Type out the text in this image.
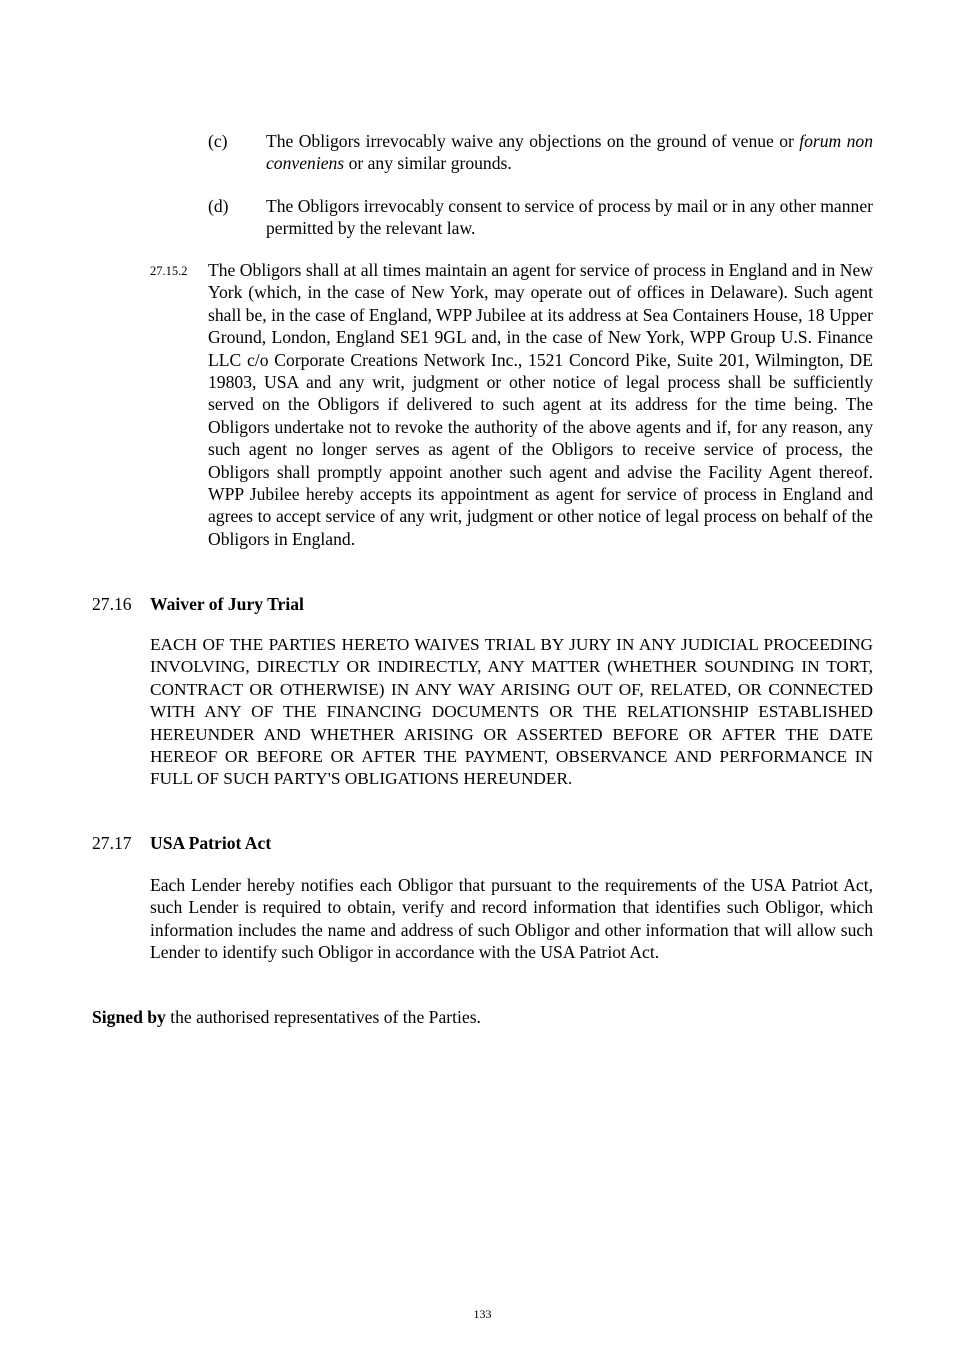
(c) The Obligors irrevocably waive any objections on the ground of venue or forum non conveniens or any similar grounds.

(d) The Obligors irrevocably consent to service of process by mail or in any other manner permitted by the relevant law.

27.15.2 The Obligors shall at all times maintain an agent for service of process in England and in New York (which, in the case of New York, may operate out of offices in Delaware). Such agent shall be, in the case of England, WPP Jubilee at its address at Sea Containers House, 18 Upper Ground, London, England SE1 9GL and, in the case of New York, WPP Group U.S. Finance LLC c/o Corporate Creations Network Inc., 1521 Concord Pike, Suite 201, Wilmington, DE 19803, USA and any writ, judgment or other notice of legal process shall be sufficiently served on the Obligors if delivered to such agent at its address for the time being. The Obligors undertake not to revoke the authority of the above agents and if, for any reason, any such agent no longer serves as agent of the Obligors to receive service of process, the Obligors shall promptly appoint another such agent and advise the Facility Agent thereof. WPP Jubilee hereby accepts its appointment as agent for service of process in England and agrees to accept service of any writ, judgment or other notice of legal process on behalf of the Obligors in England.

27.16 Waiver of Jury Trial

EACH OF THE PARTIES HERETO WAIVES TRIAL BY JURY IN ANY JUDICIAL PROCEEDING INVOLVING, DIRECTLY OR INDIRECTLY, ANY MATTER (WHETHER SOUNDING IN TORT, CONTRACT OR OTHERWISE) IN ANY WAY ARISING OUT OF, RELATED, OR CONNECTED WITH ANY OF THE FINANCING DOCUMENTS OR THE RELATIONSHIP ESTABLISHED HEREUNDER AND WHETHER ARISING OR ASSERTED BEFORE OR AFTER THE DATE HEREOF OR BEFORE OR AFTER THE PAYMENT, OBSERVANCE AND PERFORMANCE IN FULL OF SUCH PARTY'S OBLIGATIONS HEREUNDER.

27.17 USA Patriot Act

Each Lender hereby notifies each Obligor that pursuant to the requirements of the USA Patriot Act, such Lender is required to obtain, verify and record information that identifies such Obligor, which information includes the name and address of such Obligor and other information that will allow such Lender to identify such Obligor in accordance with the USA Patriot Act.

Signed by the authorised representatives of the Parties.

133
